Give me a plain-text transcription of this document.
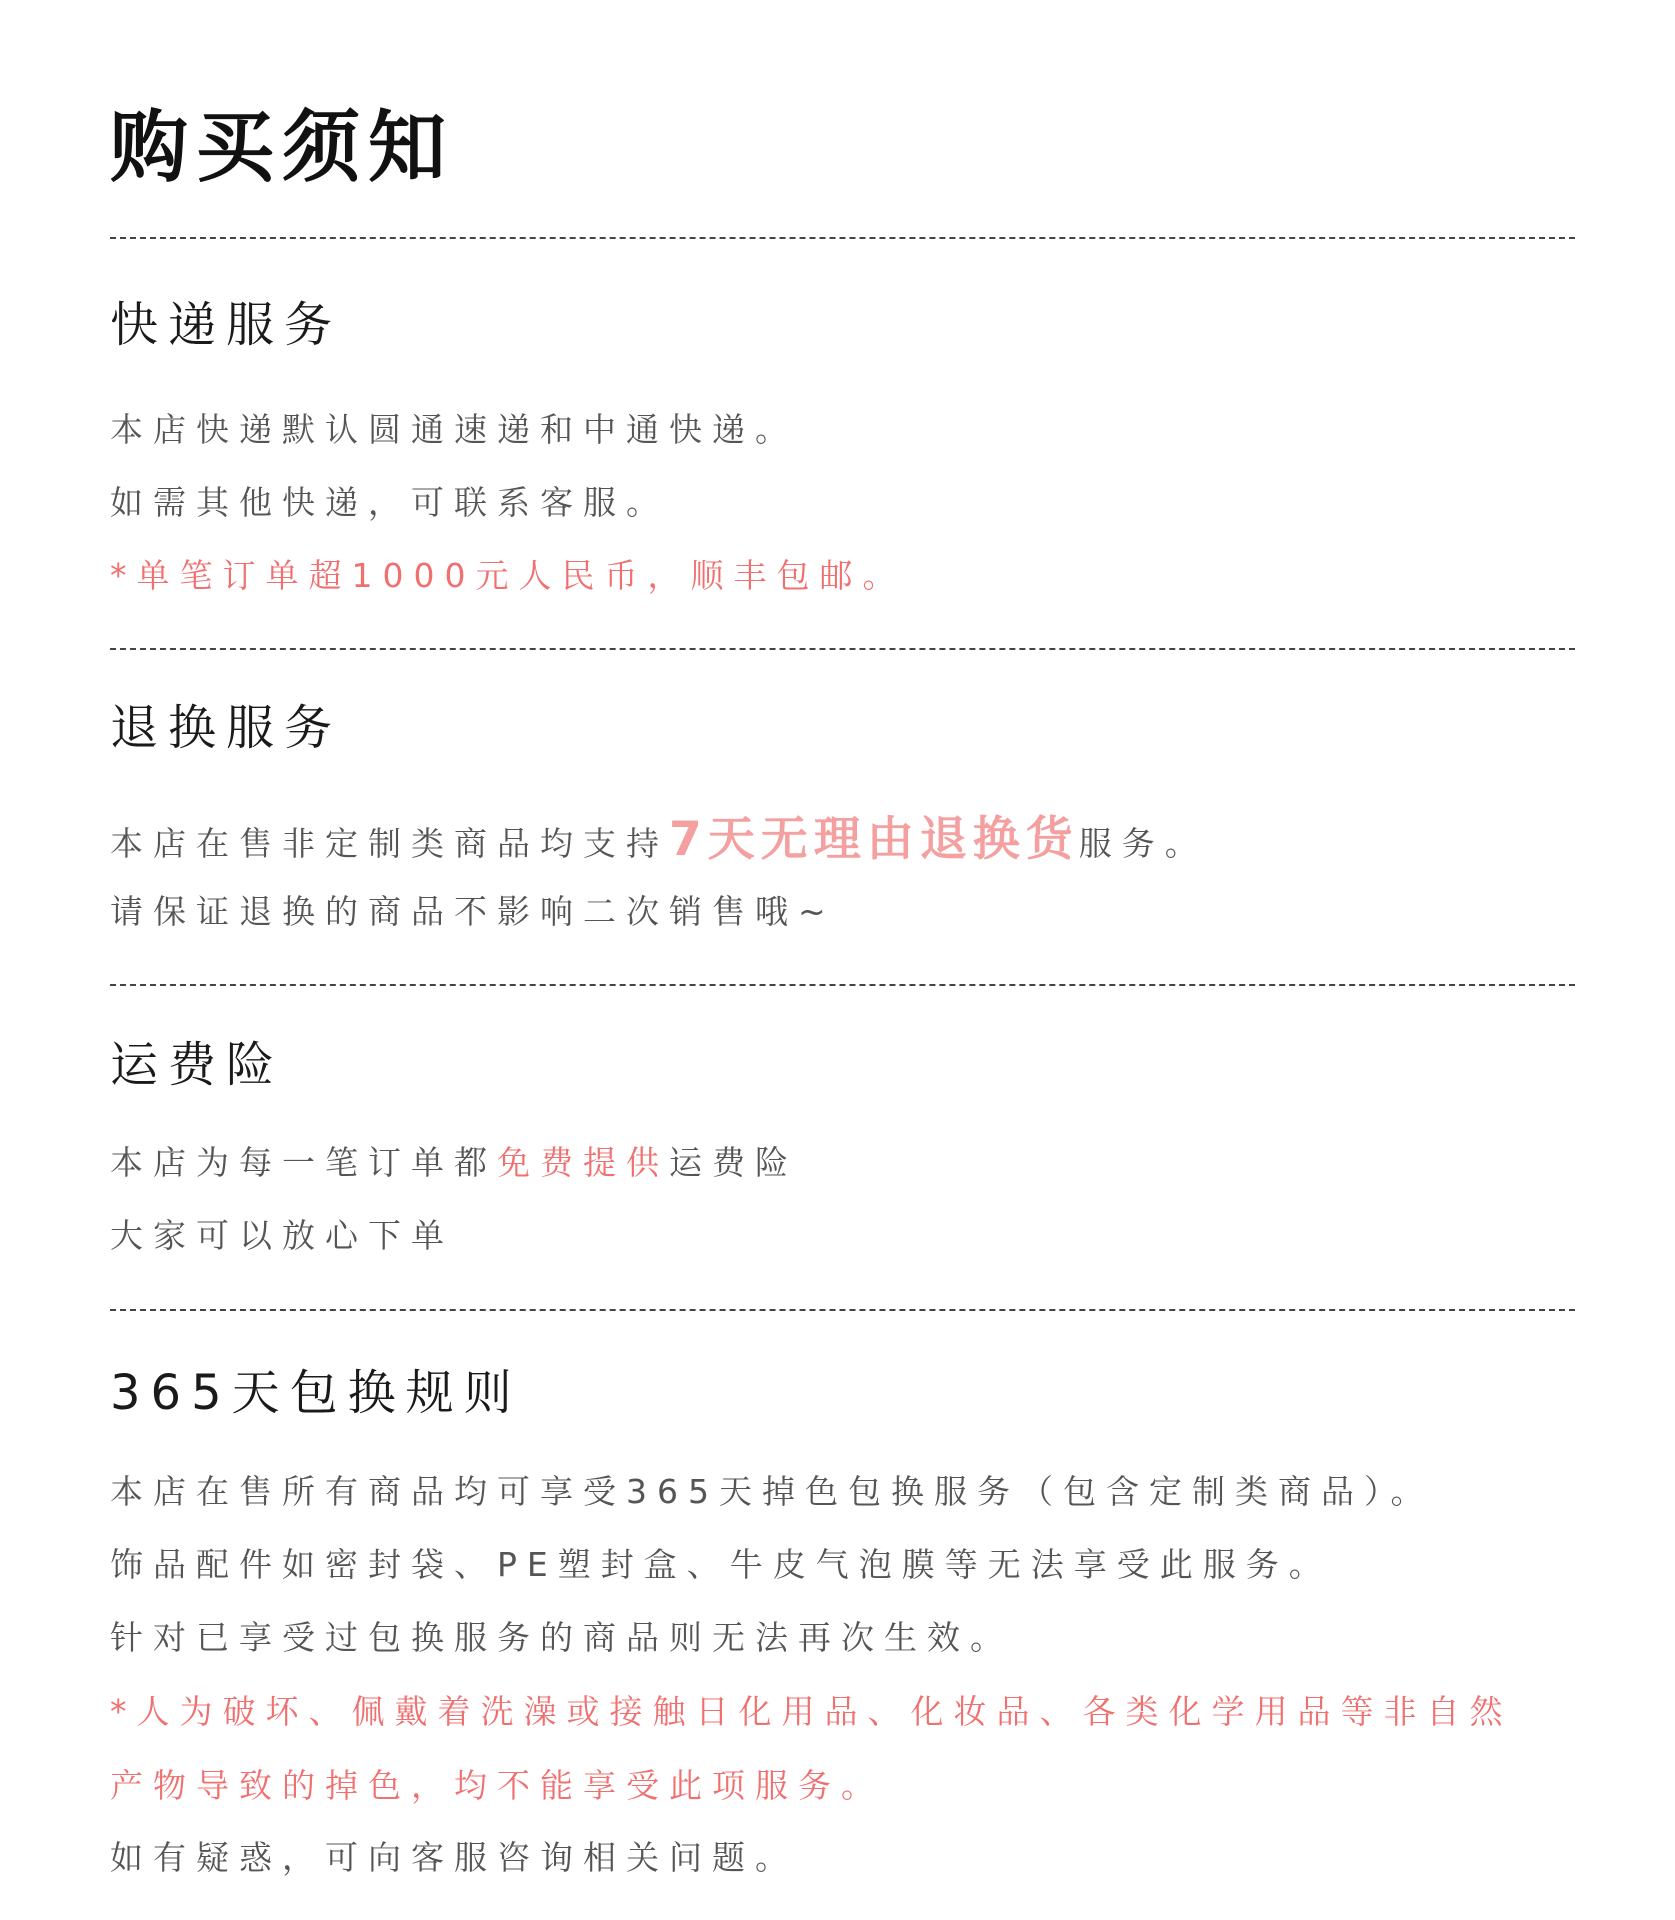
购买须知
快递服务
本店快递默认圆通速递和中通快递。
如需其他快递，可联系客服。
*单笔订单超1000元人民币，顺丰包邮。
退换服务
本店在售非定制类商品均支持7天无理由退换货服务。
请保证退换的商品不影响二次销售哦~
运费险
本店为每一笔订单都免费提供运费险
大家可以放心下单
365天包换规则
本店在售所有商品均可享受365天掉色包换服务（包含定制类商品）。
饰品配件如密封袋、PE塑封盒、牛皮气泡膜等无法享受此服务。
针对已享受过包换服务的商品则无法再次生效。
*人为破坏、佩戴着洗澡或接触日化用品、化妆品、各类化学用品等非自然
产物导致的掉色，均不能享受此项服务。
如有疑惑，可向客服咨询相关问题。
